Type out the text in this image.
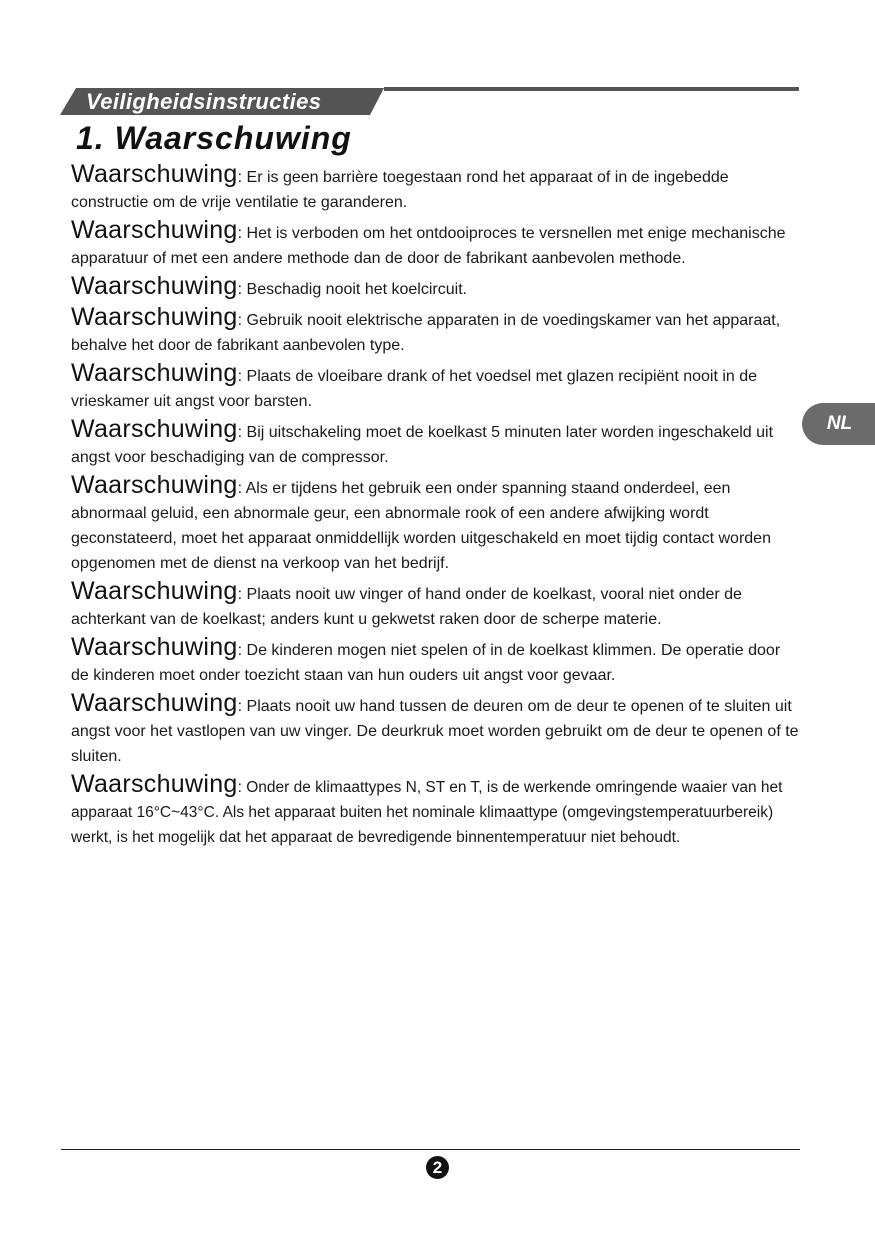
Veiligheidsinstructies
1. Waarschuwing

Waarschuwing: Er is geen barrière toegestaan rond het apparaat of in de ingebedde constructie om de vrije ventilatie te garanderen.

Waarschuwing: Het is verboden om het ontdooiproces te versnellen met enige mechanische apparatuur of met een andere methode dan de door de fabrikant aanbevolen methode.

Waarschuwing: Beschadig nooit het koelcircuit.

Waarschuwing: Gebruik nooit elektrische apparaten in de voedingskamer van het apparaat, behalve het door de fabrikant aanbevolen type.

Waarschuwing: Plaats de vloeibare drank of het voedsel met glazen recipiënt nooit in de vrieskamer uit angst voor barsten.

Waarschuwing: Bij uitschakeling moet de koelkast 5 minuten later worden ingeschakeld uit angst voor beschadiging van de compressor.

Waarschuwing: Als er tijdens het gebruik een onder spanning staand onderdeel, een abnormaal geluid, een abnormale geur, een abnormale rook of een andere afwijking wordt geconstateerd, moet het apparaat onmiddellijk worden uitgeschakeld en moet tijdig contact worden opgenomen met de dienst na verkoop van het bedrijf.

Waarschuwing: Plaats nooit uw vinger of hand onder de koelkast, vooral niet onder de achterkant van de koelkast; anders kunt u gekwetst raken door de scherpe materie.

Waarschuwing: De kinderen mogen niet spelen of in de koelkast klimmen. De operatie door de kinderen moet onder toezicht staan van hun ouders uit angst voor gevaar.

Waarschuwing: Plaats nooit uw hand tussen de deuren om de deur te openen of te sluiten uit angst voor het vastlopen van uw vinger. De deurkruk moet worden gebruikt om de deur te openen of te sluiten.

Waarschuwing: Onder de klimaattypes N, ST en T, is de werkende omringende waaier van het apparaat 16°C~43°C. Als het apparaat buiten het nominale klimaattype (omgevingstemperatuurbereik) werkt, is het mogelijk dat het apparaat de bevredigende binnentemperatuur niet behoudt.

NL
2
